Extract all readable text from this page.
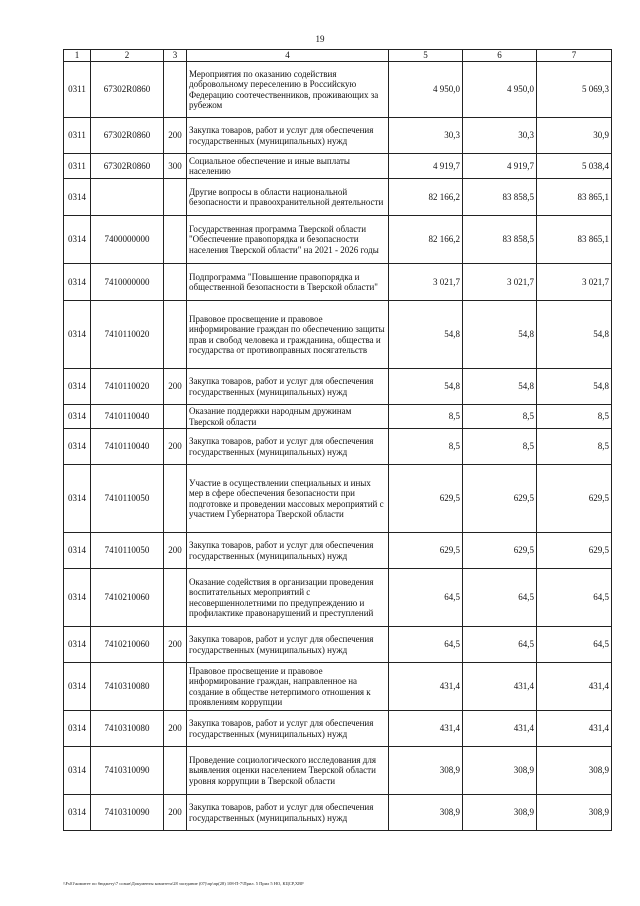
19
1	2	3	4	5	6	7
0311	67302R0860		Мероприятия по оказанию содействия добровольному переселению в Российскую Федерацию соотечественников, проживающих за рубежом	4 950,0	4 950,0	5 069,3
0311	67302R0860	200	Закупка товаров, работ и услуг для обеспечения государственных (муниципальных) нужд	30,3	30,3	30,9
0311	67302R0860	300	Социальное обеспечение и иные выплаты населению	4 919,7	4 919,7	5 038,4
0314			Другие вопросы в области национальной безопасности и правоохранительной деятельности	82 166,2	83 858,5	83 865,1
0314	7400000000		Государственная программа Тверской области "Обеспечение правопорядка и безопасности населения Тверской области" на 2021 - 2026 годы	82 166,2	83 858,5	83 865,1
0314	7410000000		Подпрограмма "Повышение правопорядка и общественной безопасности в Тверской области"	3 021,7	3 021,7	3 021,7
0314	7410110020		Правовое просвещение и правовое информирование граждан по обеспечению защиты прав и свобод человека и гражданина, общества и государства от противоправных посягательств	54,8	54,8	54,8
0314	7410110020	200	Закупка товаров, работ и услуг для обеспечения государственных (муниципальных) нужд	54,8	54,8	54,8
0314	7410110040		Оказание поддержки народным дружинам Тверской области	8,5	8,5	8,5
0314	7410110040	200	Закупка товаров, работ и услуг для обеспечения государственных (муниципальных) нужд	8,5	8,5	8,5
0314	7410110050		Участие в осуществлении специальных и иных мер в сфере обеспечения безопасности при подготовке и проведении массовых мероприятий с участием Губернатора Тверской области	629,5	629,5	629,5
0314	7410110050	200	Закупка товаров, работ и услуг для обеспечения государственных (муниципальных) нужд	629,5	629,5	629,5
0314	7410210060		Оказание содействия в организации проведения воспитательных мероприятий с несовершеннолетними по предупреждению и профилактике правонарушений и преступлений	64,5	64,5	64,5
0314	7410210060	200	Закупка товаров, работ и услуг для обеспечения государственных (муниципальных) нужд	64,5	64,5	64,5
0314	7410310080		Правовое просвещение и правовое информирование граждан, направленное на создание в обществе нетерпимого отношения к проявлениям коррупции	431,4	431,4	431,4
0314	7410310080	200	Закупка товаров, работ и услуг для обеспечения государственных (муниципальных) нужд	431,4	431,4	431,4
0314	7410310090		Проведение социологического исследования для выявления оценки населением Тверской области уровня коррупции в Тверской области	308,9	308,9	308,9
0314	7410310090	200	Закупка товаров, работ и услуг для обеспечения государственных (муниципальных) нужд	308,9	308,9	308,9
\\Fs01\комитет по бюджету\7 созыв\Документы комитета\28 заседание (07)\пр\пр(28) 108-П-7\Прил. 5 Прил 5 НО, КЦСР,ХВР
